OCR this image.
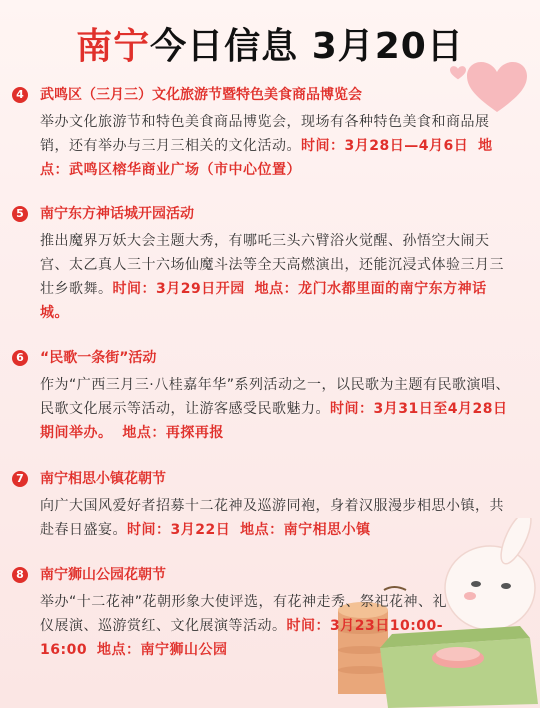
南宁今日信息 3月20日
4 武鸣区（三月三）文化旅游节暨特色美食商品博览会
举办文化旅游节和特色美食商品博览会，现场有各种特色美食和商品展销，还有举办与三月三相关的文化活动。时间：3月28日—4月6日 地点：武鸣区榕华商业广场（市中心位置）
5 南宁东方神话城开园活动
推出魔界万妖大会主题大秀，有哪吒三头六臂浴火觉醒、孙悟空大闹天宫、太乙真人三十六场仙魔斗法等全天高燃演出，还能沉浸式体验三月三壮乡歌舞。时间：3月29日开园 地点：龙门水都里面的南宁东方神话城。
6 “民歌一条街”活动
作为“广西三月三·八桂嘉年华”系列活动之一，以民歌为主题有民歌演唱、民歌文化展示等活动，让游客感受民歌魅力。时间：3月31日至4月28日期间举办。 地点：再探再报
7 南宁相思小镇花朝节
向广大国风爱好者招募十二花神及巡游同袍，身着汉服漫步相思小镇，共赴春日盛宴。时间：3月22日 地点：南宁相思小镇
8 南宁狮山公园花朝节
举办“十二花神”花朝形象大使评选，有花神走秀、祭祀花神、礼仪展演、巡游赏红、文化展演等活动。时间：3月23日10:00-16:00 地点：南宁狮山公园
